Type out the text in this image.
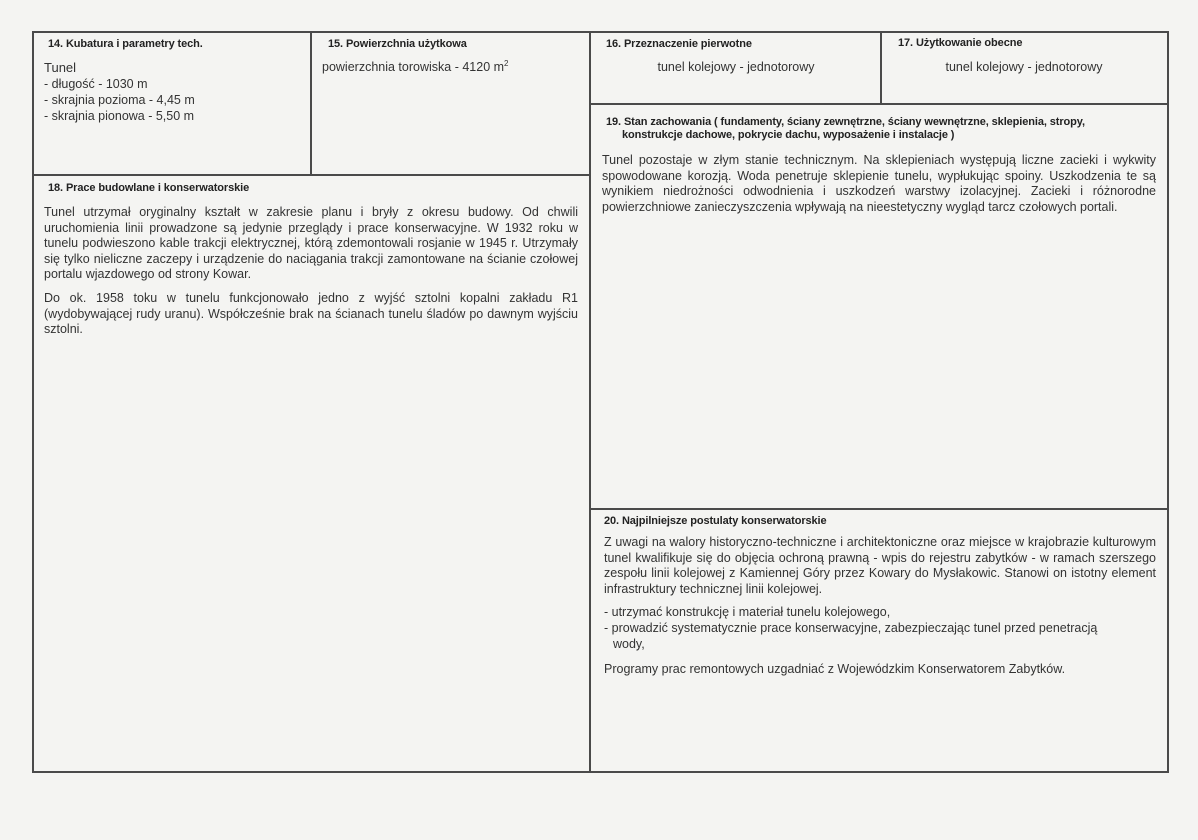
14. Kubatura i parametry tech.
Tunel
- długość - 1030 m
- skrajnia pozioma - 4,45 m
- skrajnia pionowa - 5,50 m
15. Powierzchnia użytkowa
powierzchnia torowiska - 4120 $m^2$
16. Przeznaczenie pierwotne
tunel kolejowy - jednotorowy
17. Użytkowanie obecne
tunel kolejowy - jednotorowy
19. Stan zachowania ( fundamenty, ściany zewnętrzne, ściany wewnętrzne, sklepienia, stropy,
konstrukcje dachowe, pokrycie dachu, wyposażenie i instalacje )
Tunel pozostaje w złym stanie technicznym. Na sklepieniach występują liczne zacieki i wykwity spowodowane korozją. Woda penetruje sklepienie tunelu, wypłukując spoiny. Uszkodzenia te są wynikiem niedrożności odwodnienia i uszkodzeń warstwy izolacyjnej. Zacieki i różnorodne powierzchniowe zanieczyszczenia wpływają na nieestetyczny wygląd tarcz czołowych portali.
18. Prace budowlane i konserwatorskie

Tunel utrzymał oryginalny kształt w zakresie planu i bryły z okresu budowy. Od chwili uruchomienia linii prowadzone są jedynie przeglądy i prace konserwacyjne. W 1932 roku w tunelu podwieszono kable trakcji elektrycznej, którą zdemontowali rosjanie w 1945 r. Utrzymały się tylko nieliczne zaczepy i urządzenie do naciągania trakcji zamontowane na ścianie czołowej portalu wjazdowego od strony Kowar.

Do ok. 1958 toku w tunelu funkcjonowało jedno z wyjść sztolni kopalni zakładu R1 (wydobywającej rudy uranu). Współcześnie brak na ścianach tunelu śladów po dawnym wyjściu sztolni.

20. Najpilniejsze postulaty konserwatorskie

Z uwagi na walory historyczno-techniczne i architektoniczne oraz miejsce w krajobrazie kulturowym tunel kwalifikuje się do objęcia ochroną prawną - wpis do rejestru zabytków - w ramach szerszego zespołu linii kolejowej z Kamiennej Góry przez Kowary do Mysłakowic. Stanowi on istotny element infrastruktury technicznej linii kolejowej.

- utrzymać konstrukcję i materiał tunelu kolejowego,
- prowadzić systematycznie prace konserwacyjne, zabezpieczając tunel przed penetracją
wody,
Programy prac remontowych uzgadniać z Wojewódzkim Konserwatorem Zabytków.
